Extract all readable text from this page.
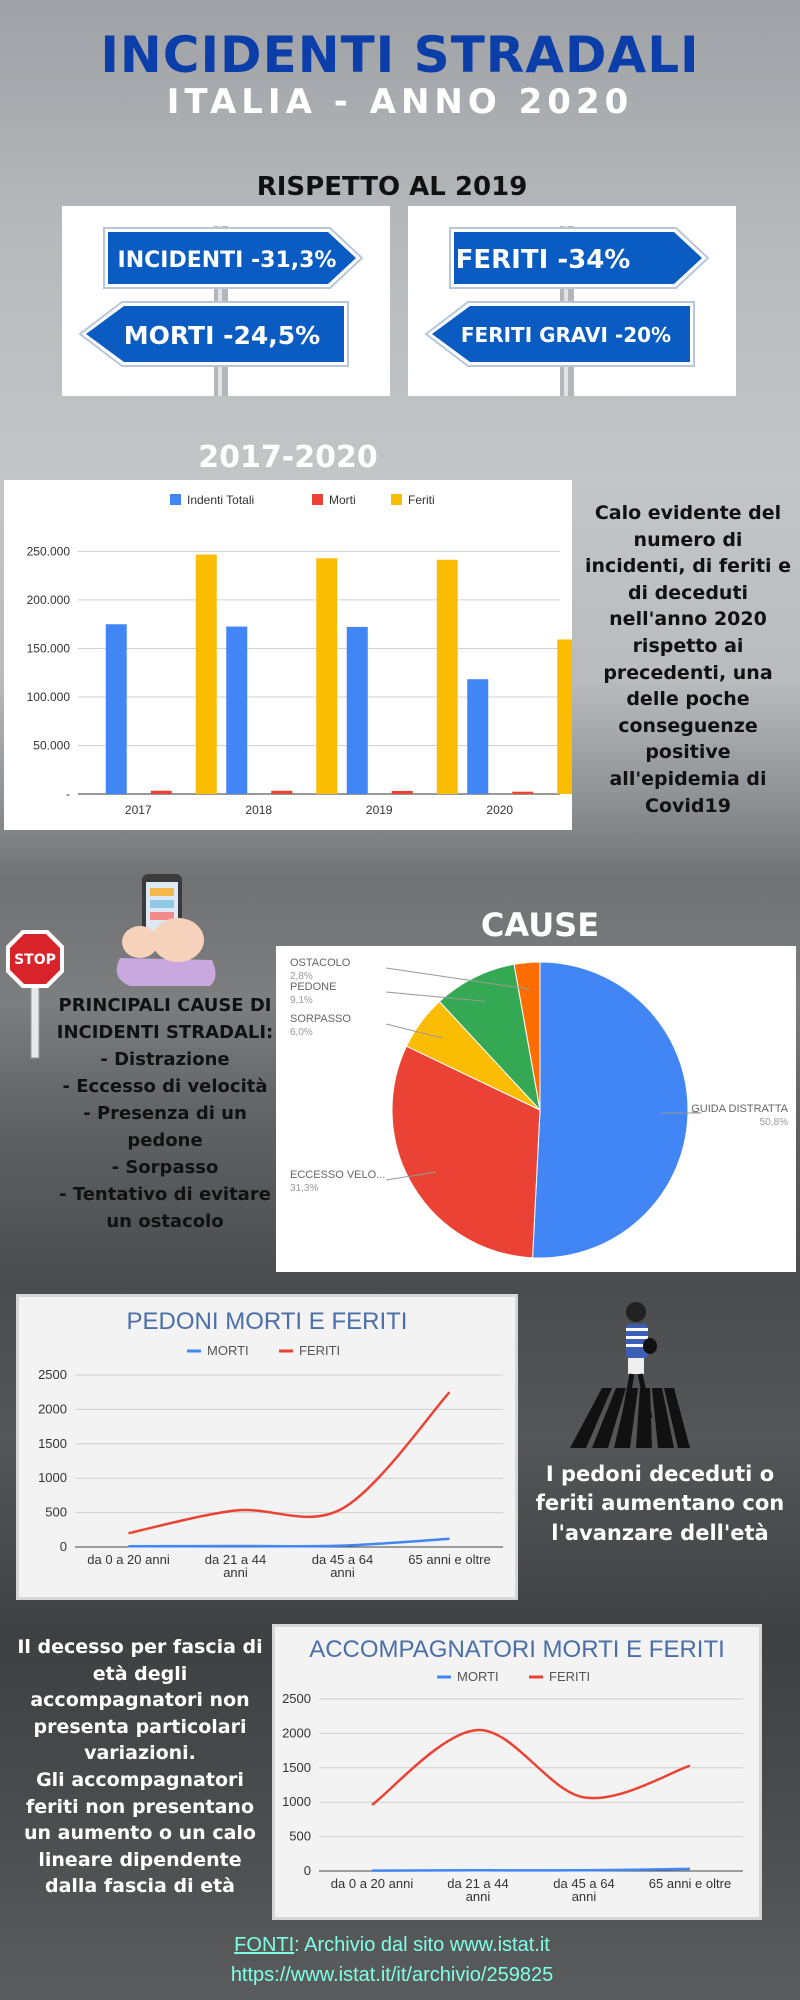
INCIDENTI STRADALI
ITALIA - ANNO 2020
RISPETTO AL 2019
INCIDENTI -31,3%
MORTI -24,5%
FERITI -34%
FERITI GRAVI -20%
2017-2020
Indenti Totali	Morti	Feriti
-
50.000
100.000
150.000
200.000
250.000
2017	2018	2019	2020
Calo evidente del numero di incidenti, di feriti e di deceduti nell'anno 2020 rispetto ai precedenti, una delle poche conseguenze positive all'epidemia di Covid19
STOP
PRINCIPALI CAUSE DI
INCIDENTI STRADALI:
- Distrazione
- Eccesso di velocità
- Presenza di un
pedone
- Sorpasso
- Tentativo di evitare
un ostacolo
CAUSE
GUIDA DISTRATTA
50,8%
ECCESSO VELO...
31,3%
SORPASSO
6,0%
PEDONE
9,1%
OSTACOLO
2,8%
PEDONI MORTI E FERITI
MORTI	FERITI
0
500
1000
1500
2000
2500
da 0 a 20 anni	da 21 a 44
anni
da 45 a 64
anni
65 anni e oltre
I pedoni deceduti o feriti aumentano con l'avanzare dell'età
Il decesso per fascia di
età degli
accompagnatori non
presenta particolari
variazioni.
Gli accompagnatori
feriti non presentano
un aumento o un calo
lineare dipendente
dalla fascia di età
ACCOMPAGNATORI MORTI E FERITI
MORTI	FERITI
0
500
1000
1500
2000
2500
da 0 a 20 anni	da 21 a 44
anni
da 45 a 64
anni
65 anni e oltre
FONTI: Archivio dal sito www.istat.it
https://www.istat.it/it/archivio/259825
